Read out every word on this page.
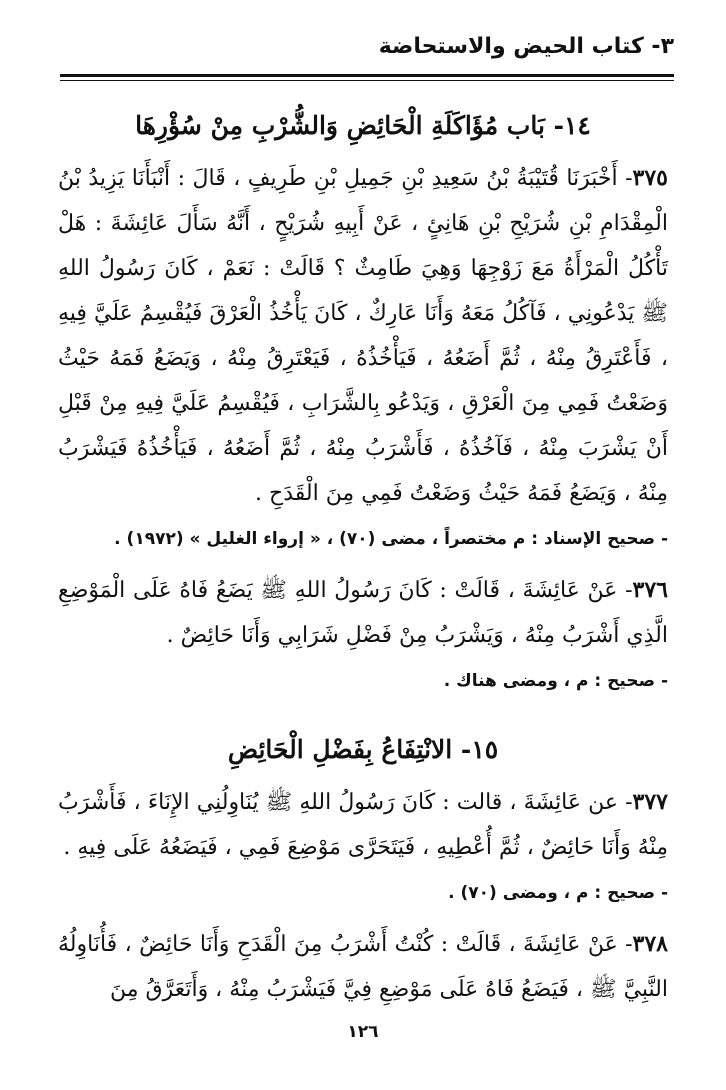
٣- كتاب الحيض والاستحاضة
١٤- بَاب مُؤَاكَلَةِ الْحَائِضِ وَالشُّرْبِ مِنْ سُؤْرِهَا

٣٧٥- أَخْبَرَنَا قُتَيْبَةُ بْنُ سَعِيدِ بْنِ جَمِيلِ بْنِ طَرِيفٍ ، قَالَ : أَنْبَأَنَا يَزِيدُ بْنُ الْمِقْدَامِ بْنِ شُرَيْحِ بْنِ هَانِئٍ ، عَنْ أَبِيهِ شُرَيْحٍ ، أَنَّهُ سَأَلَ عَائِشَةَ : هَلْ تَأْكُلُ الْمَرْأَةُ مَعَ زَوْجِهَا وَهِيَ طَامِثٌ ؟ قَالَتْ : نَعَمْ ، كَانَ رَسُولُ اللهِ ﷺ يَدْعُونِي ، فَآكُلُ مَعَهُ وَأَنَا عَارِكٌ ، كَانَ يَأْخُذُ الْعَرْقَ فَيُقْسِمُ عَلَيَّ فِيهِ ، فَأَعْتَرِقُ مِنْهُ ، ثُمَّ أَضَعُهُ ، فَيَأْخُذُهُ ، فَيَعْتَرِقُ مِنْهُ ، وَيَضَعُ فَمَهُ حَيْثُ وَضَعْتُ فَمِي مِنَ الْعَرْقِ ، وَيَدْعُو بِالشَّرَابِ ، فَيُقْسِمُ عَلَيَّ فِيهِ مِنْ قَبْلِ أَنْ يَشْرَبَ مِنْهُ ، فَآخُذُهُ ، فَأَشْرَبُ مِنْهُ ، ثُمَّ أَضَعُهُ ، فَيَأْخُذُهُ فَيَشْرَبُ مِنْهُ ، وَيَضَعُ فَمَهُ حَيْثُ وَضَعْتُ فَمِي مِنَ الْقَدَحِ .

- صحيح الإسناد : م مختصراً ، مضى (٧٠) ، « إرواء الغليل » (١٩٧٢) .

٣٧٦- عَنْ عَائِشَةَ ، قَالَتْ : كَانَ رَسُولُ اللهِ ﷺ يَضَعُ فَاهُ عَلَى الْمَوْضِعِ الَّذِي أَشْرَبُ مِنْهُ ، وَيَشْرَبُ مِنْ فَضْلِ شَرَابِي وَأَنَا حَائِضٌ .

- صحيح : م ، ومضى هناك .

١٥- الانْتِفَاعُ بِفَضْلِ الْحَائِضِ

٣٧٧- عن عَائِشَةَ ، قالت : كَانَ رَسُولُ اللهِ ﷺ يُنَاوِلُنِي الإِنَاءَ ، فَأَشْرَبُ مِنْهُ وَأَنَا حَائِضٌ ، ثُمَّ أُعْطِيهِ ، فَيَتَحَرَّى مَوْضِعَ فَمِي ، فَيَضَعُهُ عَلَى فِيهِ .

- صحيح : م ، ومضى (٧٠) .

٣٧٨- عَنْ عَائِشَةَ ، قَالَتْ : كُنْتُ أَشْرَبُ مِنَ الْقَدَحِ وَأَنَا حَائِضٌ ، فَأُنَاوِلُهُ النَّبِيَّ ﷺ ، فَيَضَعُ فَاهُ عَلَى مَوْضِعِ فِيَّ فَيَشْرَبُ مِنْهُ ، وَأَتَعَرَّقُ مِنَ

١٢٦
